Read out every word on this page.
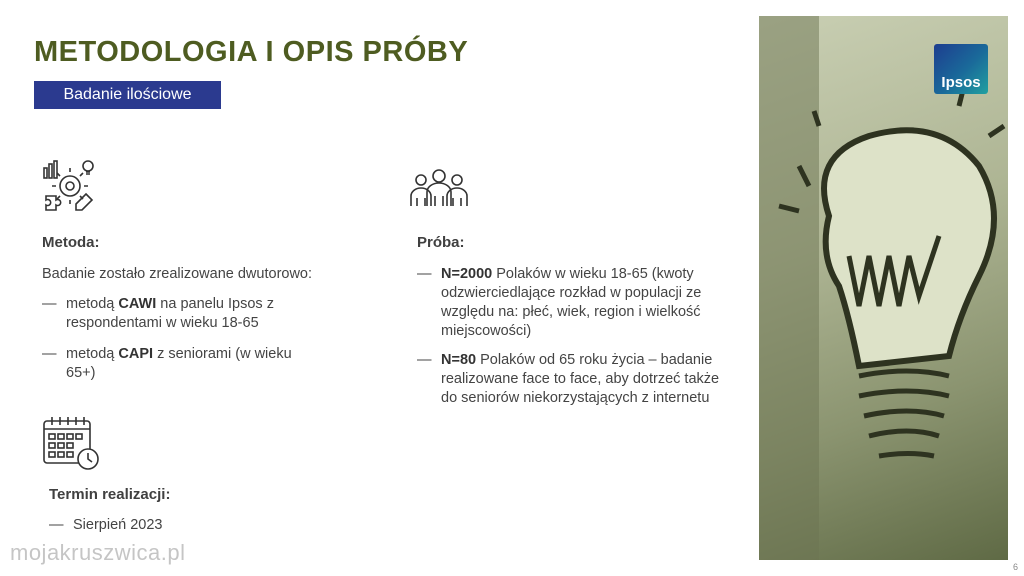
METODOLOGIA I OPIS PRÓBY
Badanie ilościowe
Metoda:
Badanie zostało zrealizowane dwutorowo:
— metodą CAWI na panelu Ipsos z respondentami w wieku 18-65
— metodą CAPI z seniorami (w wieku 65+)
Termin realizacji:
— Sierpień 2023
Próba:
— N=2000 Polaków w wieku 18-65 (kwoty odzwierciedlające rozkład w populacji ze względu na: płeć, wiek, region i wielkość miejscowości)
— N=80 Polaków od 65 roku życia – badanie realizowane face to face, aby dotrzeć także do seniorów niekorzystających z internetu
Ipsos
6
mojakruszwica.pl
